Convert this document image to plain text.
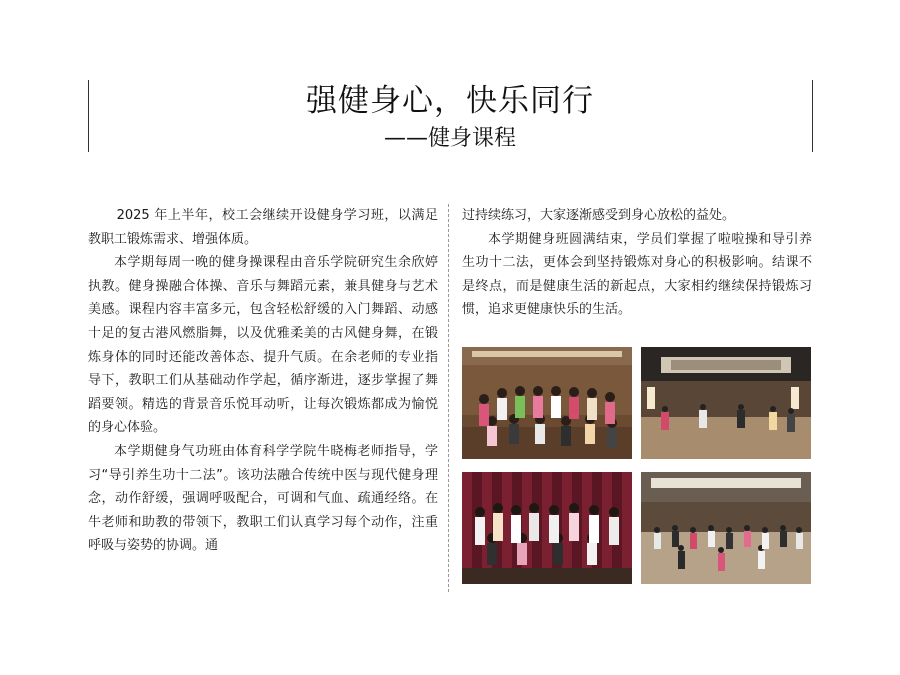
强健身心，快乐同行
——健身课程

2025 年上半年，校工会继续开设健身学习班，以满足教职工锻炼需求、增强体质。

本学期每周一晚的健身操课程由音乐学院研究生余欣婷执教。健身操融合体操、音乐与舞蹈元素，兼具健身与艺术美感。课程内容丰富多元，包含轻松舒缓的入门舞蹈、动感十足的复古港风燃脂舞，以及优雅柔美的古风健身舞，在锻炼身体的同时还能改善体态、提升气质。在余老师的专业指导下，教职工们从基础动作学起，循序渐进，逐步掌握了舞蹈要领。精选的背景音乐悦耳动听，让每次锻炼都成为愉悦的身心体验。

本学期健身气功班由体育科学学院牛晓梅老师指导，学习“导引养生功十二法”。该功法融合传统中医与现代健身理念，动作舒缓，强调呼吸配合，可调和气血、疏通经络。在牛老师和助教的带领下，教职工们认真学习每个动作，注重呼吸与姿势的协调。通

过持续练习，大家逐渐感受到身心放松的益处。

本学期健身班圆满结束，学员们掌握了啦啦操和导引养生功十二法，更体会到坚持锻炼对身心的积极影响。结课不是终点，而是健康生活的新起点，大家相约继续保持锻炼习惯，追求更健康快乐的生活。
